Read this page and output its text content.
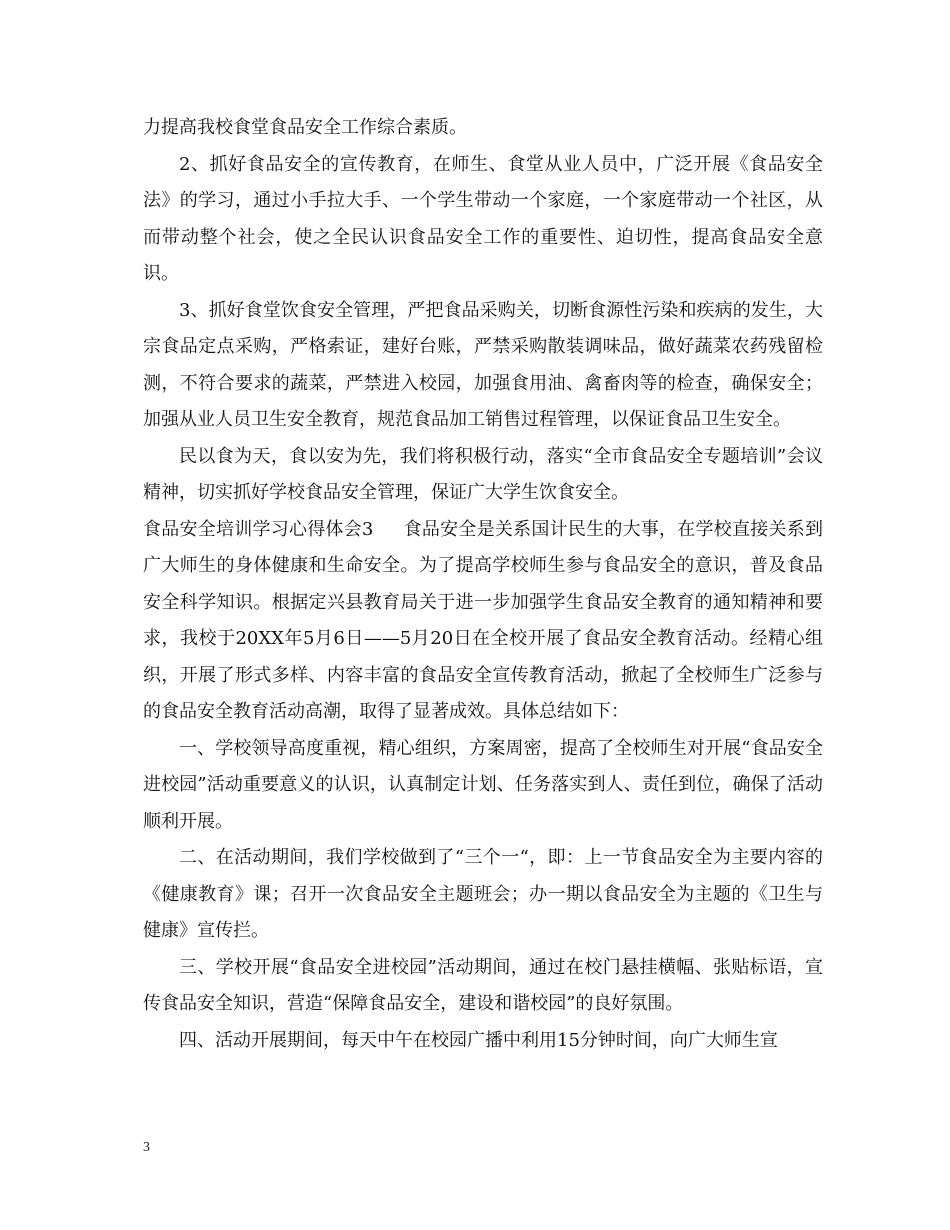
力提高我校食堂食品安全工作综合素质。

2、抓好食品安全的宣传教育，在师生、食堂从业人员中，广泛开展《食品安全法》的学习，通过小手拉大手、一个学生带动一个家庭，一个家庭带动一个社区，从而带动整个社会，使之全民认识食品安全工作的重要性、迫切性，提高食品安全意识。

3、抓好食堂饮食安全管理，严把食品采购关，切断食源性污染和疾病的发生，大宗食品定点采购，严格索证，建好台账，严禁采购散装调味品，做好蔬菜农药残留检测，不符合要求的蔬菜，严禁进入校园，加强食用油、禽畜肉等的检查，确保安全；加强从业人员卫生安全教育，规范食品加工销售过程管理，以保证食品卫生安全。

民以食为天，食以安为先，我们将积极行动，落实“全市食品安全专题培训”会议精神，切实抓好学校食品安全管理，保证广大学生饮食安全。

食品安全培训学习心得体会3 食品安全是关系国计民生的大事，在学校直接关系到广大师生的身体健康和生命安全。为了提高学校师生参与食品安全的意识，普及食品安全科学知识。根据定兴县教育局关于进一步加强学生食品安全教育的通知精神和要求，我校于20XX年5月6日——5月20日在全校开展了食品安全教育活动。经精心组织，开展了形式多样、内容丰富的食品安全宣传教育活动，掀起了全校师生广泛参与的食品安全教育活动高潮，取得了显著成效。具体总结如下：

一、学校领导高度重视，精心组织，方案周密，提高了全校师生对开展“食品安全进校园”活动重要意义的认识，认真制定计划、任务落实到人、责任到位，确保了活动顺利开展。

二、在活动期间，我们学校做到了“三个一“，即：上一节食品安全为主要内容的《健康教育》课；召开一次食品安全主题班会；办一期以食品安全为主题的《卫生与健康》宣传拦。

三、学校开展“食品安全进校园”活动期间，通过在校门悬挂横幅、张贴标语，宣传食品安全知识，营造“保障食品安全，建设和谐校园”的良好氛围。

四、活动开展期间，每天中午在校园广播中利用15分钟时间，向广大师生宣

3
